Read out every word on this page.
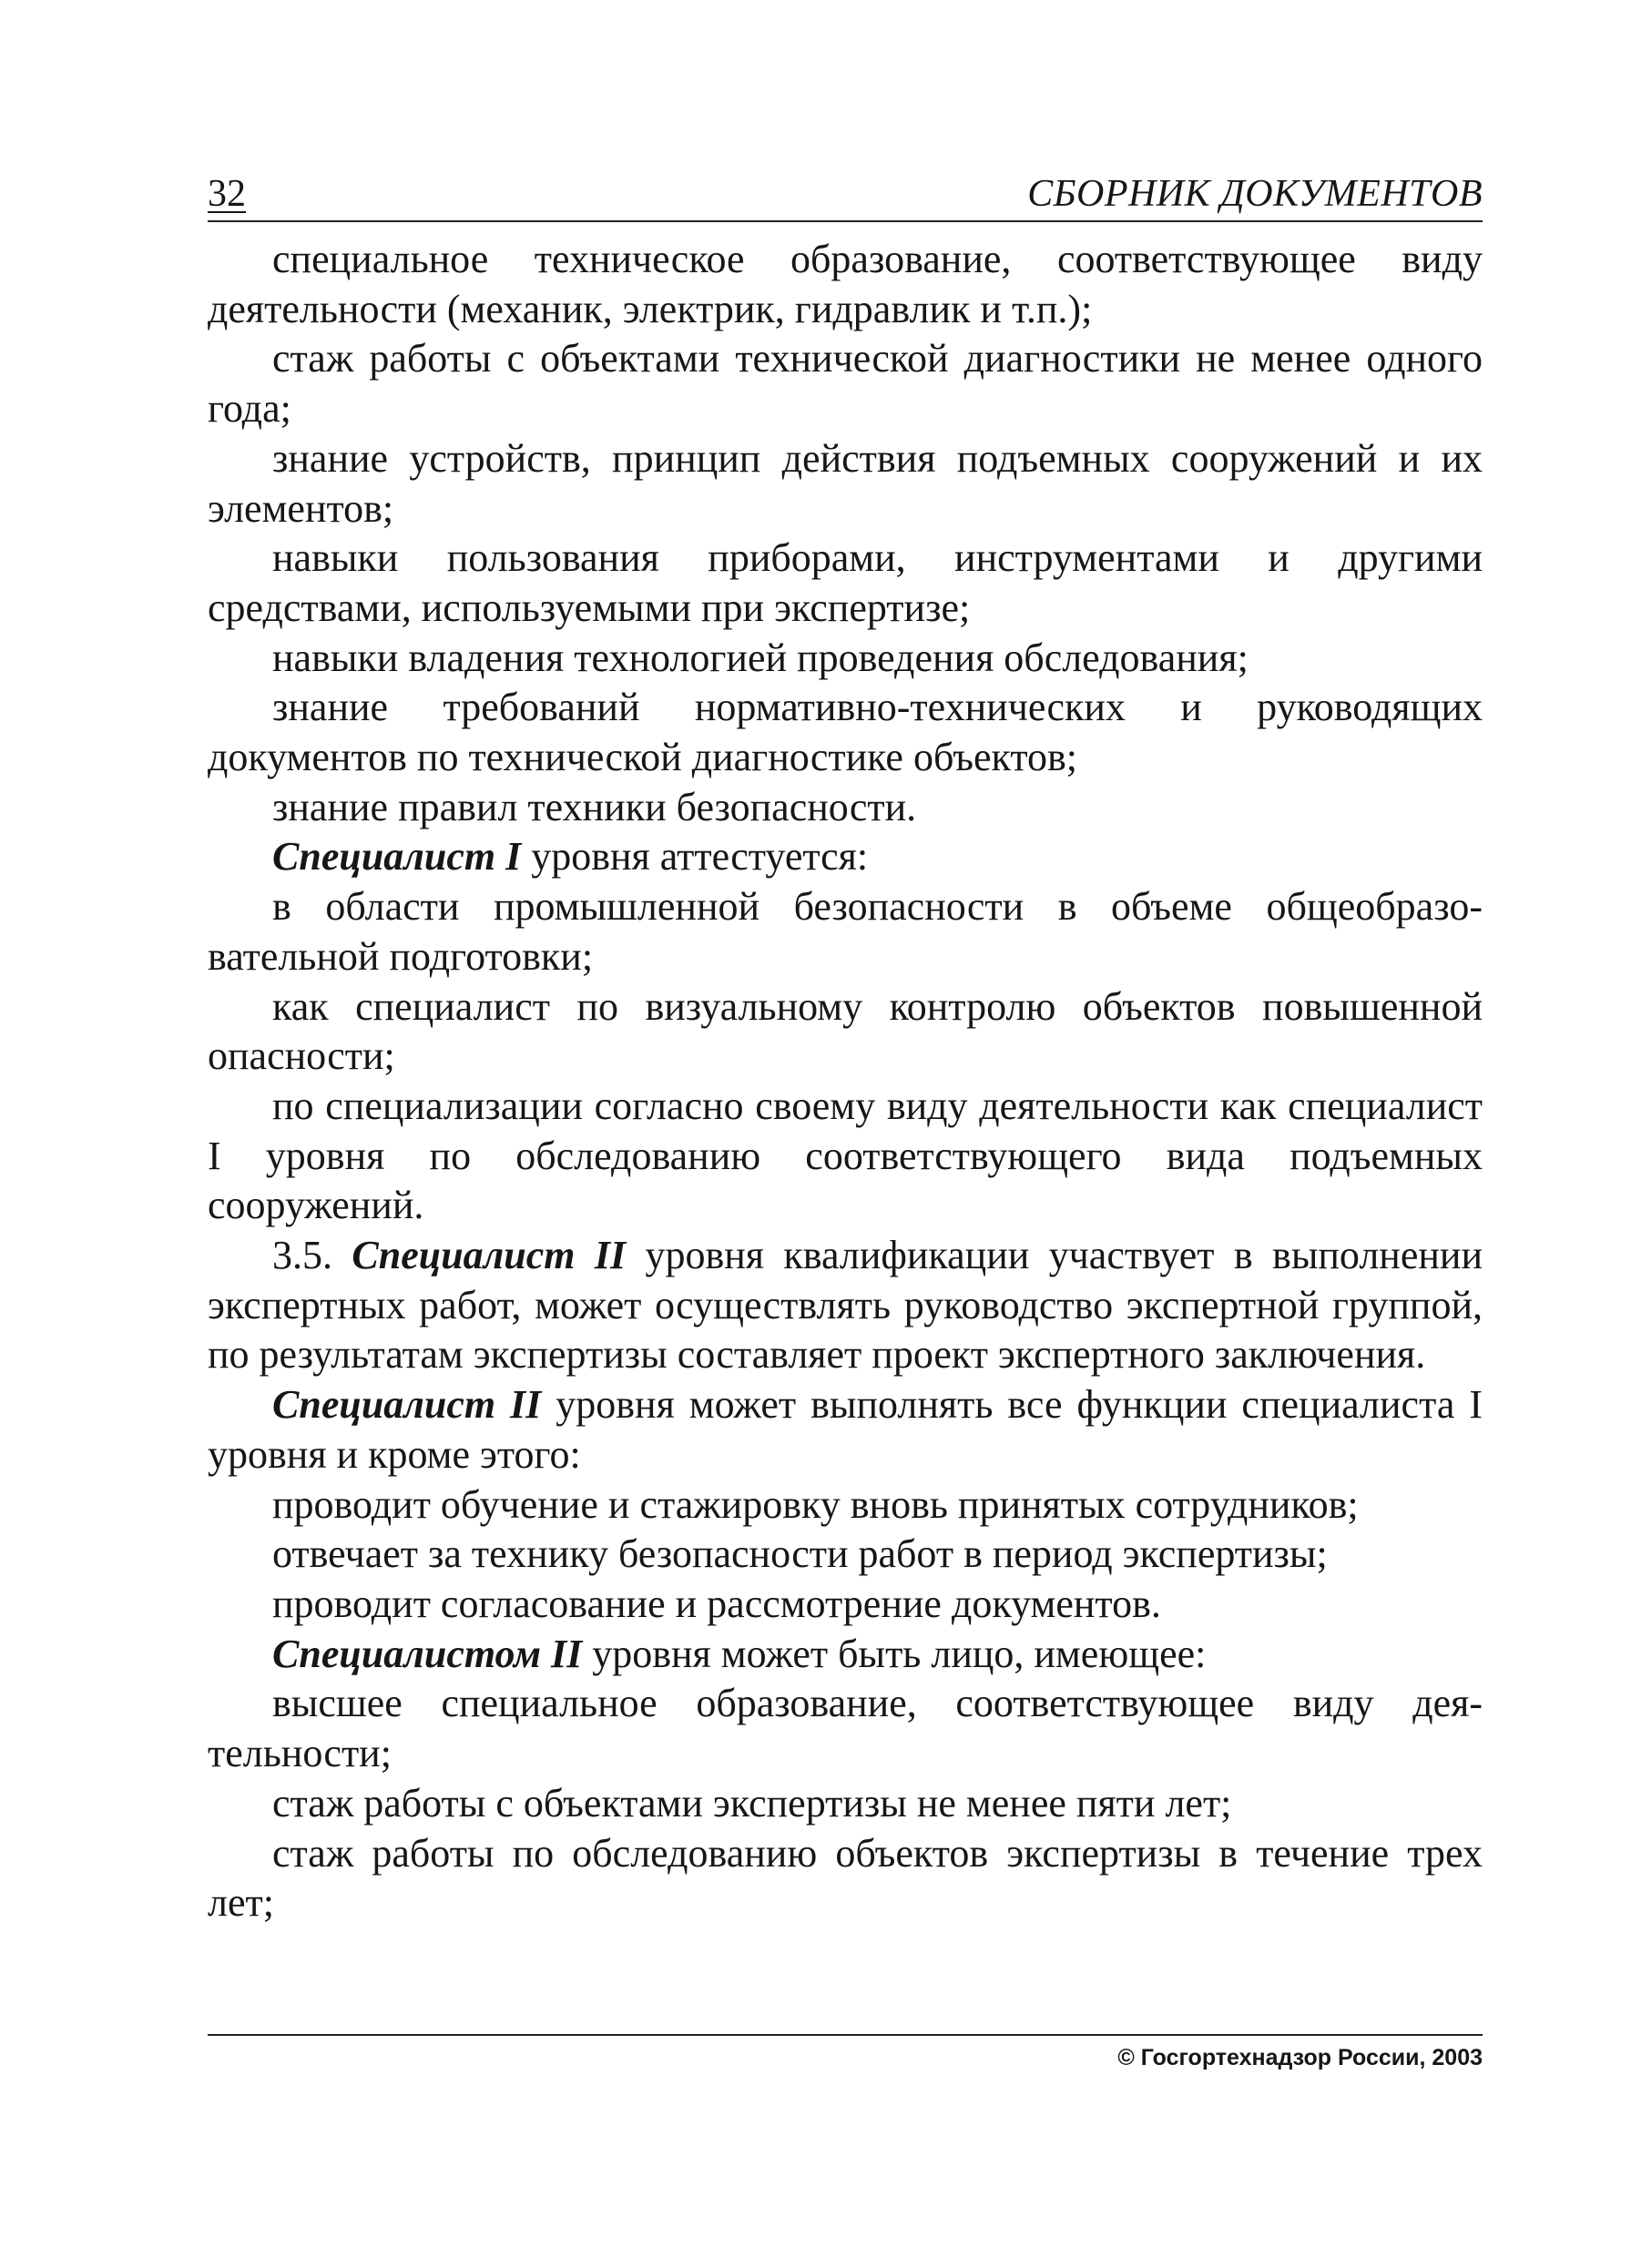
32	СБОРНИК ДОКУМЕНТОВ

специальное техническое образование, соответствующее виду деятельности (механик, электрик, гидравлик и т.п.);

стаж работы с объектами технической диагностики не менее одного года;

знание устройств, принцип действия подъемных сооружений и их элементов;

навыки пользования приборами, инструментами и другими средствами, используемыми при экспертизе;

навыки владения технологией проведения обследования;

знание требований нормативно-технических и руководящих документов по технической диагностике объектов;

знание правил техники безопасности.

Специалист I уровня аттестуется:

в области промышленной безопасности в объеме общеобразовательной подготовки;

как специалист по визуальному контролю объектов повышенной опасности;

по специализации согласно своему виду деятельности как специалист I уровня по обследованию соответствующего вида подъемных сооружений.

3.5. Специалист II уровня квалификации участвует в выполнении экспертных работ, может осуществлять руководство экспертной группой, по результатам экспертизы составляет проект экспертного заключения.

Специалист II уровня может выполнять все функции специалиста I уровня и кроме этого:

проводит обучение и стажировку вновь принятых сотрудников;

отвечает за технику безопасности работ в период экспертизы;

проводит согласование и рассмотрение документов.

Специалистом II уровня может быть лицо, имеющее:

высшее специальное образование, соответствующее виду деятельности;

стаж работы с объектами экспертизы не менее пяти лет;

стаж работы по обследованию объектов экспертизы в течение трех лет;

© Госгортехнадзор России, 2003
